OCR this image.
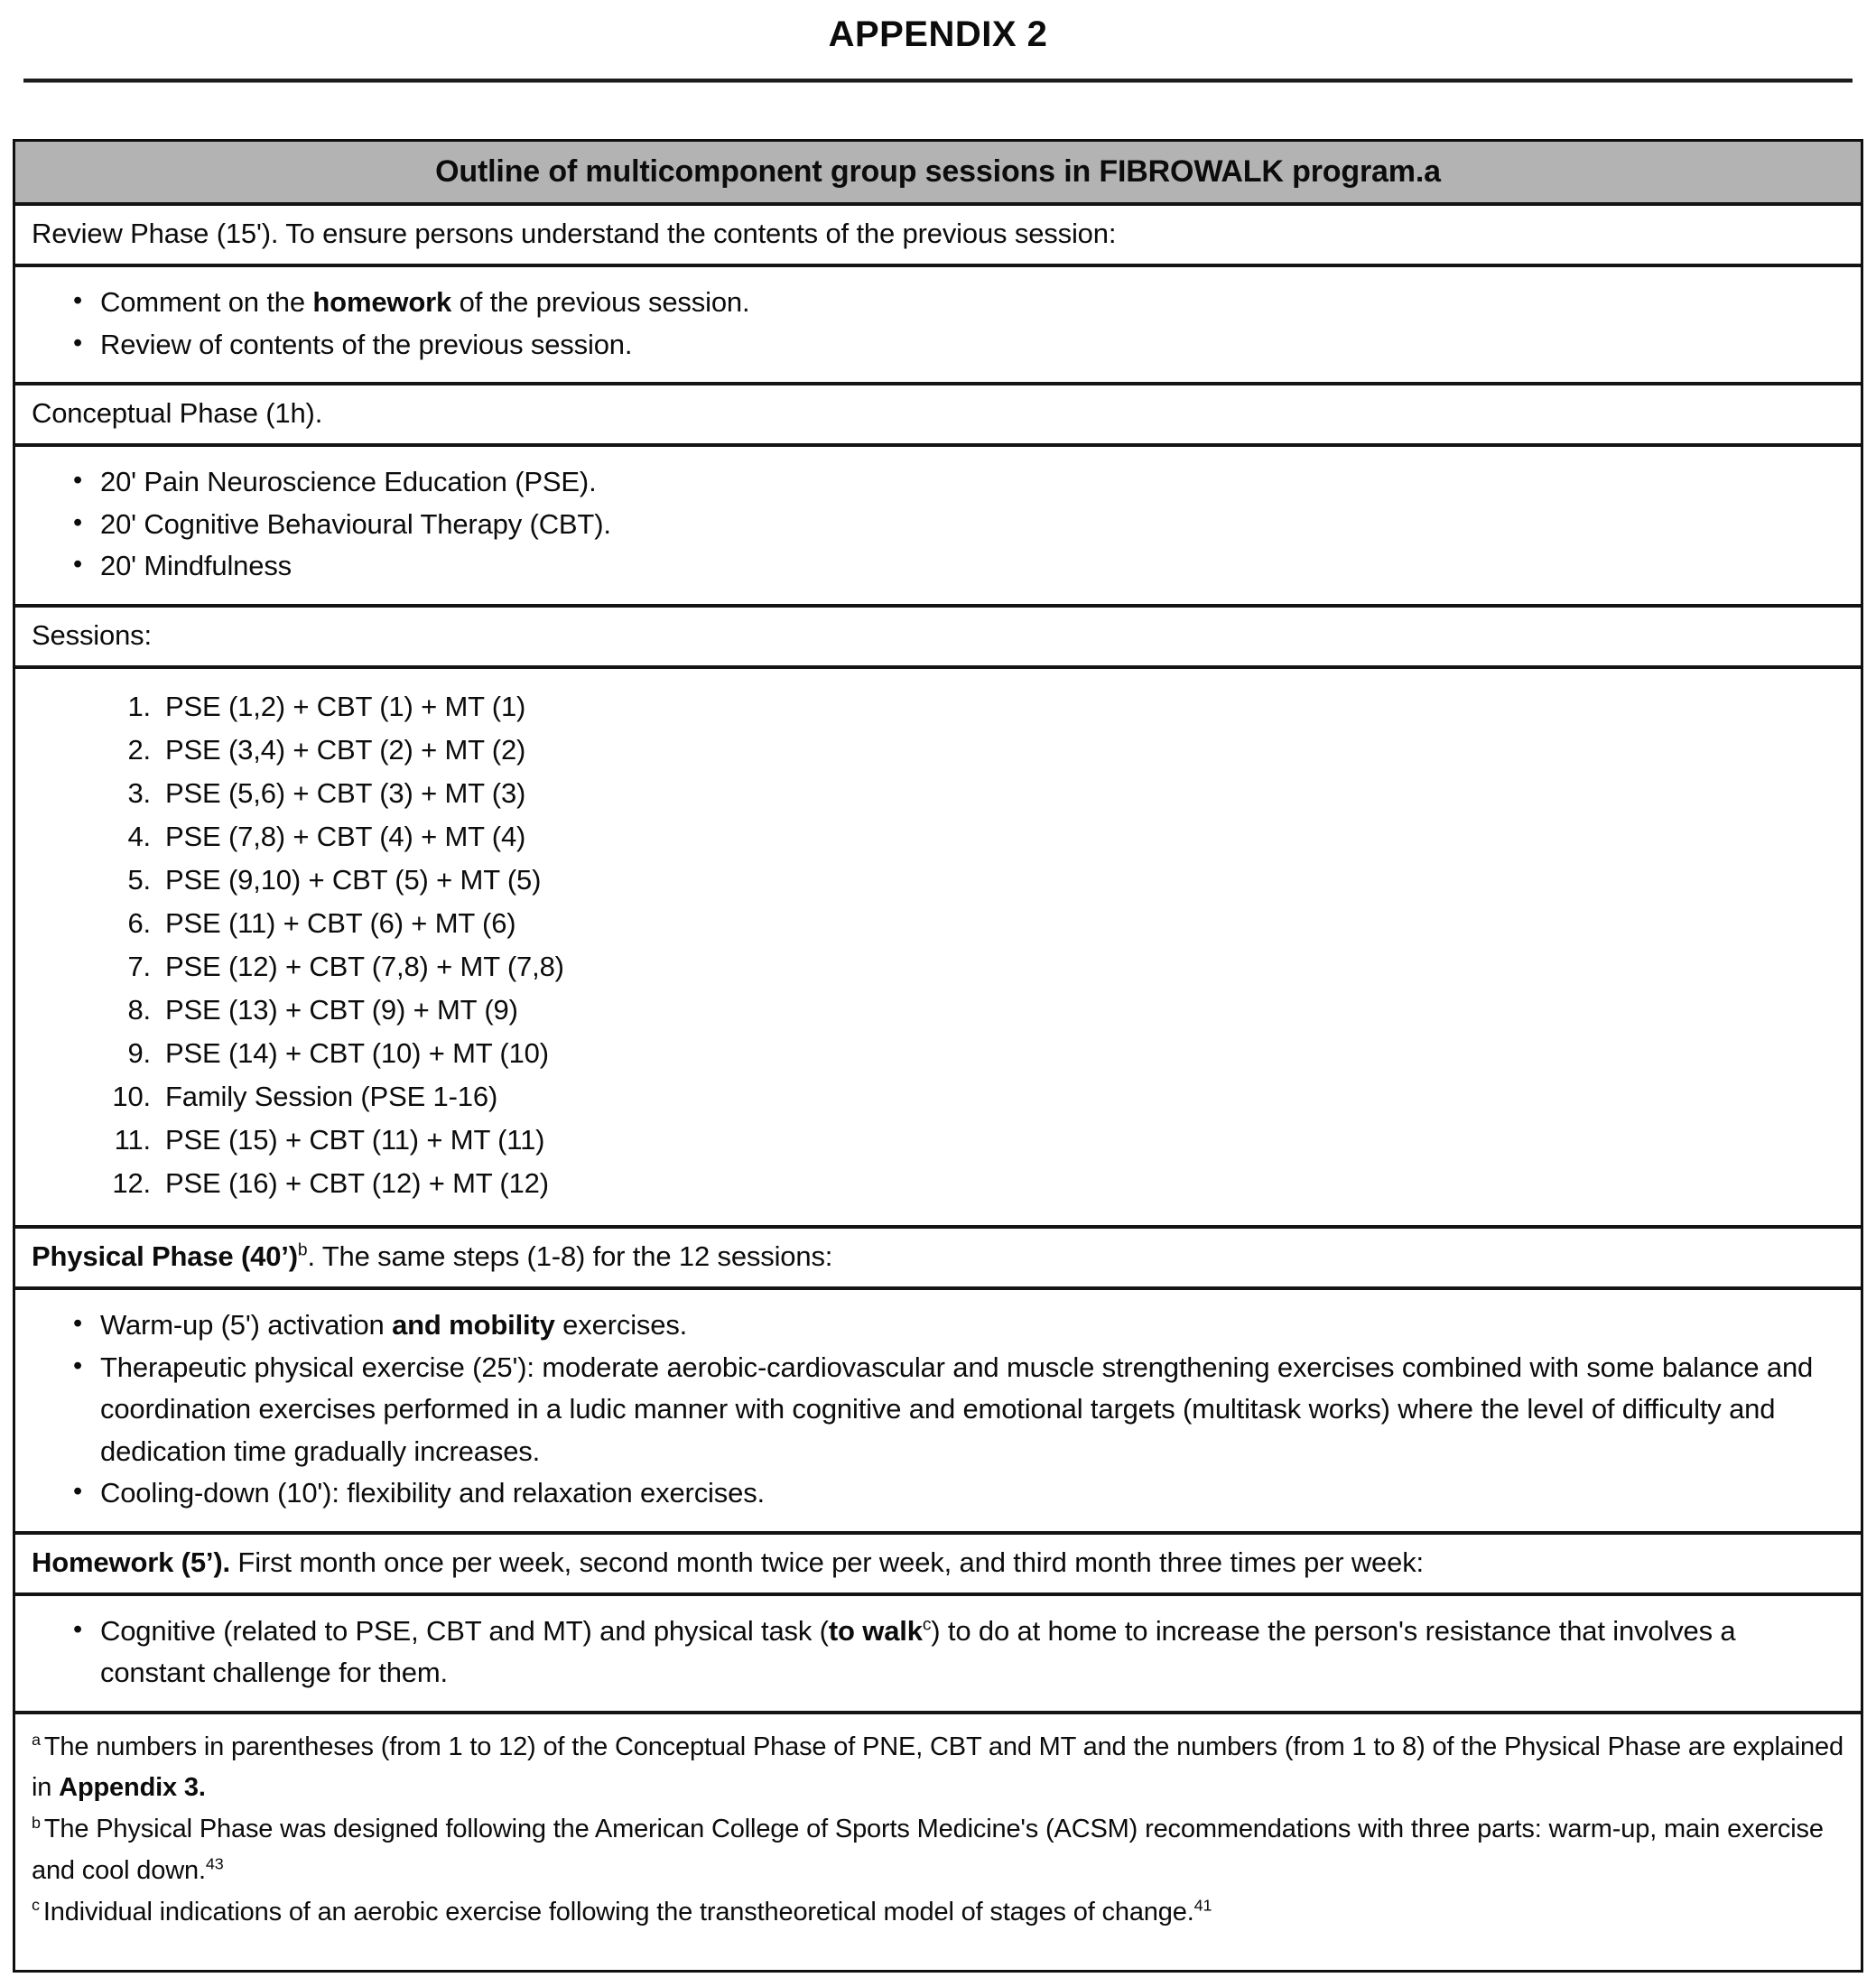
APPENDIX 2
Outline of multicomponent group sessions in FIBROWALK program.a
Review Phase (15'). To ensure persons understand the contents of the previous session:
• Comment on the homework of the previous session.
• Review of contents of the previous session.
Conceptual Phase (1h).
• 20' Pain Neuroscience Education (PSE).
• 20' Cognitive Behavioural Therapy (CBT).
• 20' Mindfulness
Sessions:
1. PSE (1,2) + CBT (1) + MT (1)
2. PSE (3,4) + CBT (2) + MT (2)
3. PSE (5,6) + CBT (3) + MT (3)
4. PSE (7,8) + CBT (4) + MT (4)
5. PSE (9,10) + CBT (5) + MT (5)
6. PSE (11) + CBT (6) + MT (6)
7. PSE (12) + CBT (7,8) + MT (7,8)
8. PSE (13) + CBT (9) + MT (9)
9. PSE (14) + CBT (10) + MT (10)
10. Family Session (PSE 1-16)
11. PSE (15) + CBT (11) + MT (11)
12. PSE (16) + CBT (12) + MT (12)
Physical Phase (40’)$^b$. The same steps (1-8) for the 12 sessions:
• Warm-up (5') activation and mobility exercises.
• Therapeutic physical exercise (25'): moderate aerobic-cardiovascular and muscle strengthening exercises combined with some balance and coordination exercises performed in a ludic manner with cognitive and emotional targets (multitask works) where the level of difficulty and dedication time gradually increases.
• Cooling-down (10'): flexibility and relaxation exercises.
Homework (5’). First month once per week, second month twice per week, and third month three times per week:
• Cognitive (related to PSE, CBT and MT) and physical task (to walk$^c$) to do at home to increase the person's resistance that involves a constant challenge for them.
$^a$ The numbers in parentheses (from 1 to 12) of the Conceptual Phase of PNE, CBT and MT and the numbers (from 1 to 8) of the Physical Phase are explained in Appendix 3.
$^b$ The Physical Phase was designed following the American College of Sports Medicine's (ACSM) recommendations with three parts: warm-up, main exercise and cool down.$^{43}$
$^c$ Individual indications of an aerobic exercise following the transtheoretical model of stages of change.$^{41}$
